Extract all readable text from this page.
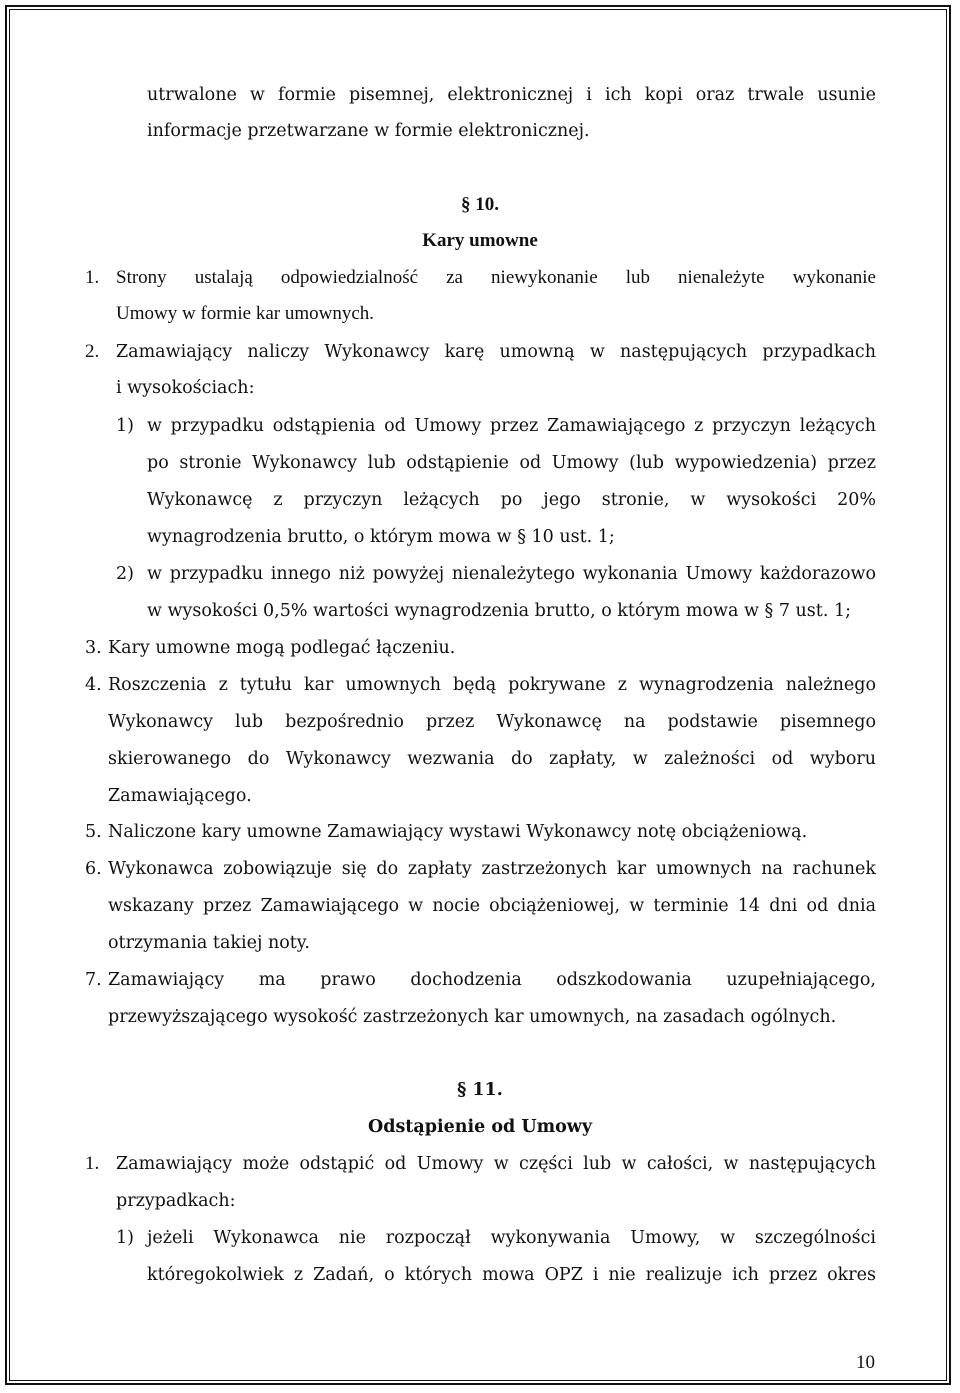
utrwalone w formie pisemnej, elektronicznej i ich kopi oraz trwale usunie
informacje przetwarzane w formie elektronicznej.
§ 10.
Kary umowne
1. Strony ustalają odpowiedzialność za niewykonanie lub nienależyte wykonanie
Umowy w formie kar umownych.
2. Zamawiający naliczy Wykonawcy karę umowną w następujących przypadkach
i wysokościach:
1) w przypadku odstąpienia od Umowy przez Zamawiającego z przyczyn leżących
po stronie Wykonawcy lub odstąpienie od Umowy (lub wypowiedzenia) przez
Wykonawcę z przyczyn leżących po jego stronie, w wysokości 20%
wynagrodzenia brutto, o którym mowa w § 10 ust. 1;
2) w przypadku innego niż powyżej nienależytego wykonania Umowy każdorazowo
w wysokości 0,5% wartości wynagrodzenia brutto, o którym mowa w § 7 ust. 1;
3. Kary umowne mogą podlegać łączeniu.
4. Roszczenia z tytułu kar umownych będą pokrywane z wynagrodzenia należnego
Wykonawcy lub bezpośrednio przez Wykonawcę na podstawie pisemnego
skierowanego do Wykonawcy wezwania do zapłaty, w zależności od wyboru
Zamawiającego.
5. Naliczone kary umowne Zamawiający wystawi Wykonawcy notę obciążeniową.
6. Wykonawca zobowiązuje się do zapłaty zastrzeżonych kar umownych na rachunek
wskazany przez Zamawiającego w nocie obciążeniowej, w terminie 14 dni od dnia
otrzymania takiej noty.
7. Zamawiający ma prawo dochodzenia odszkodowania uzupełniającego,
przewyższającego wysokość zastrzeżonych kar umownych, na zasadach ogólnych.
§ 11.
Odstąpienie od Umowy
1. Zamawiający może odstąpić od Umowy w części lub w całości, w następujących
przypadkach:
1) jeżeli Wykonawca nie rozpoczął wykonywania Umowy, w szczególności
któregokolwiek z Zadań, o których mowa OPZ i nie realizuje ich przez okres
10
